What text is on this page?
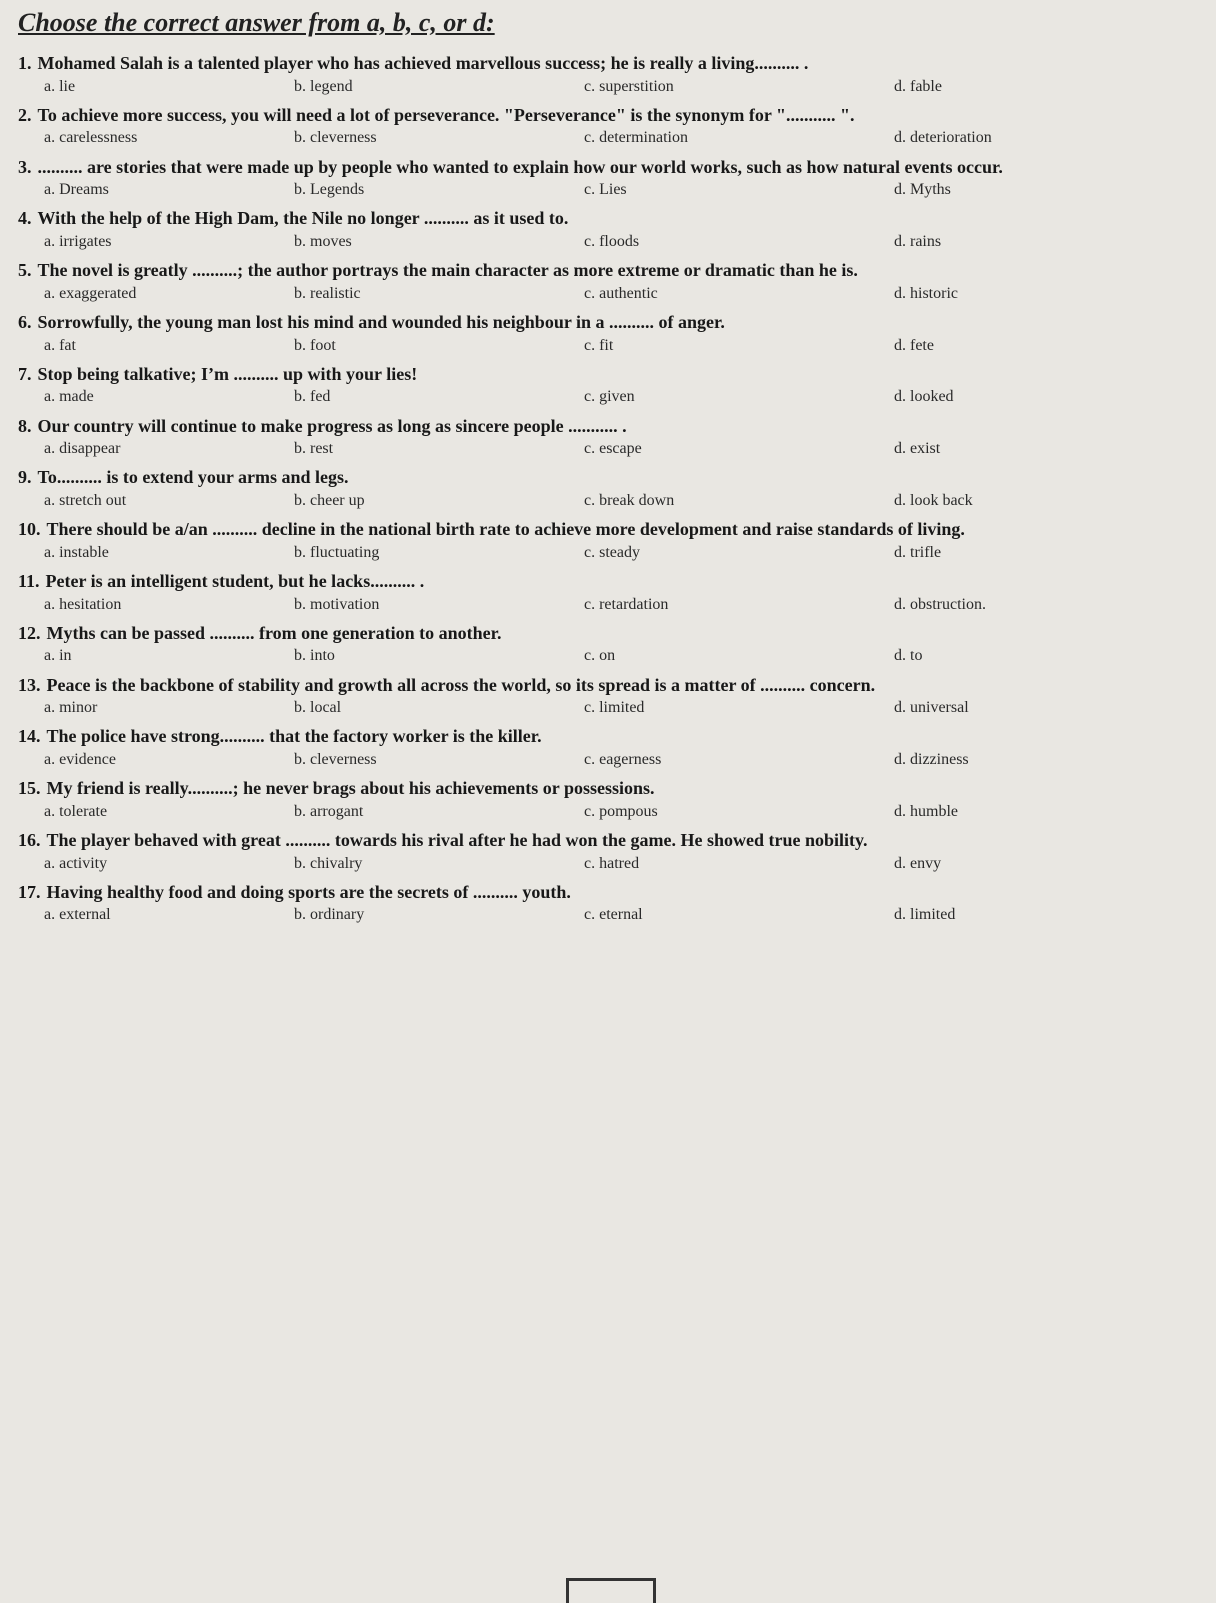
Choose the correct answer from a, b, c, or d:
1. Mohamed Salah is a talented player who has achieved marvellous success; he is really a living.......... .
a. lie	b. legend	c. superstition	d. fable
2. To achieve more success, you will need a lot of perseverance. "Perseverance" is the synonym for "........... ".
a. carelessness	b. cleverness	c. determination	d. deterioration
3. .......... are stories that were made up by people who wanted to explain how our world works, such as how natural events occur.
a. Dreams	b. Legends	c. Lies	d. Myths
4. With the help of the High Dam, the Nile no longer .......... as it used to.
a. irrigates	b. moves	c. floods	d. rains
5. The novel is greatly ..........; the author portrays the main character as more extreme or dramatic than he is.
a. exaggerated	b. realistic	c. authentic	d. historic
6. Sorrowfully, the young man lost his mind and wounded his neighbour in a .......... of anger.
a. fat	b. foot	c. fit	d. fete
7. Stop being talkative; I’m .......... up with your lies!
a. made	b. fed	c. given	d. looked
8. Our country will continue to make progress as long as sincere people ........... .
a. disappear	b. rest	c. escape	d. exist
9. To.......... is to extend your arms and legs.
a. stretch out	b. cheer up	c. break down	d. look back
10. There should be a/an .......... decline in the national birth rate to achieve more development and raise standards of living.
a. instable	b. fluctuating	c. steady	d. trifle
11. Peter is an intelligent student, but he lacks.......... .
a. hesitation	b. motivation	c. retardation	d. obstruction.
12. Myths can be passed .......... from one generation to another.
a. in	b. into	c. on	d. to
13. Peace is the backbone of stability and growth all across the world, so its spread is a matter of .......... concern.
a. minor	b. local	c. limited	d. universal
14. The police have strong.......... that the factory worker is the killer.
a. evidence	b. cleverness	c. eagerness	d. dizziness
15. My friend is really..........; he never brags about his achievements or possessions.
a. tolerate	b. arrogant	c. pompous	d. humble
16. The player behaved with great .......... towards his rival after he had won the game. He showed true nobility.
a. activity	b. chivalry	c. hatred	d. envy
17. Having healthy food and doing sports are the secrets of .......... youth.
a. external	b. ordinary	c. eternal	d. limited
